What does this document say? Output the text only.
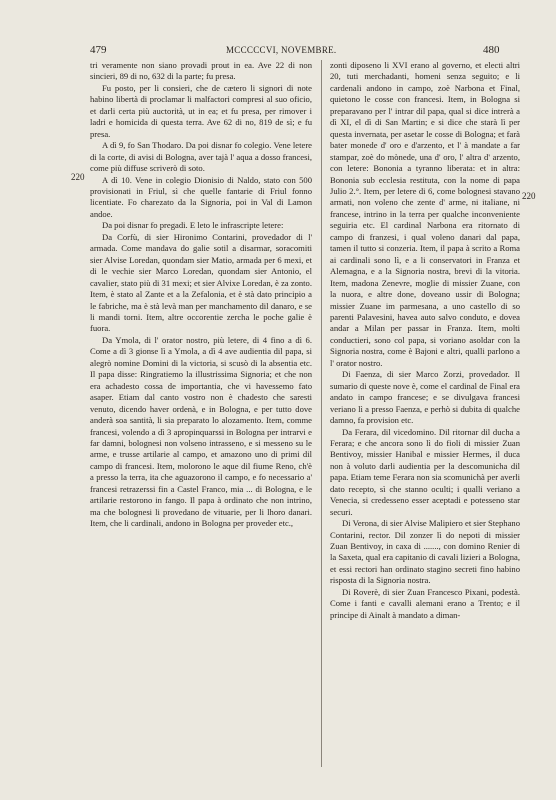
479	MCCCCCVI, NOVEMBRE.	480
220
220

tri veramente non siano provadi prout in ea. Ave 22 di non sincieri, 89 di no, 632 di la parte; fu presa.

Fu posto, per li consieri, che de cætero li signori di note habino libertà di proclamar li malfactori compresi al suo oficio, et darli certa più auctorità, ut in ea; et fu presa, per rimover i ladri e homicida di questa terra. Ave 62 di no, 819 de sì; e fu presa.

A dì 9, fo San Thodaro. Da poi disnar fo colegio. Vene letere di la corte, di avisi di Bologna, aver tajà l' aqua a dosso francesi, come più diffuse scriverò di soto.

A dì 10. Vene in colegio Dionisio di Naldo, stato con 500 provisionati in Friul, sì che quelle fantarie di Friul fonno licentiate. Fo charezato da la Signoria, poi in Val di Lamon andoe.

Da poi disnar fo pregadi. E leto le infrascripte letere:

Da Corfù, di sier Hironimo Contarini, provedador di l' armada. Come mandava do galie sotil a disarmar, soracomiti sier Alvise Loredan, quondam sier Matio, armada per 6 mexi, et di le vechie sier Marco Loredan, quondam sier Antonio, el cavalier, stato più di 31 mexi; et sier Alvixe Loredan, è za zonto. Item, è stato al Zante et a la Zefalonia, et è stà dato principio a le fabriche, ma è stà levà man per manchamento dil danaro, e se li mandi torni. Item, altre occorentie zercha le poche galie è fuora.

Da Ymola, di l' orator nostro, più letere, di 4 fino a dì 6. Come a dì 3 gionse lì a Ymola, a dì 4 ave audientia dil papa, si alegrò nomine Domini di la victoria, si scusò di la absentia etc. Il papa disse: Ringratiemo la illustrissima Signoria; et che non era achadesto cossa de importantia, che vi havessemo fato asaper. Etiam dal canto vostro non è chadesto che saresti venuto, dicendo haver ordenà, e in Bologna, e per tutto dove anderà soa santità, li sia preparato lo alozamento. Item, comme francesi, volendo a dì 3 apropinquarssi in Bologna per intrarvi e far damni, bolognesi non volseno intrasseno, e si messeno su le arme, e trusse artilarie al campo, et amazono uno di primi dil campo di francesi. Item, molorono le aque dil fiume Reno, ch'è a presso la terra, ita che aguazorono il campo, e fo necessario a' francesi retrazerssi fin a Castel Franco, mia ... di Bologna, e le artilarie restorono in fango. Il papa à ordinato che non intrino, ma che bolognesi li provedano de vituarie, per li lhoro danari. Item, che li cardinali, andono in Bologna per proveder etc.,

zonti diposeno li XVI erano al governo, et electi altri 20, tuti merchadanti, homeni senza seguito; e li cardenali andono in campo, zoè Narbona et Final, quietono le cosse con francesi. Item, in Bologna si preparavano per l' intrar dil papa, qual si dice intrerà a dì XI, el dì di San Martin; e si dice che starà lì per questa invernata, per asetar le cosse di Bologna; et farà bater monede d' oro e d'arzento, et l' à mandate a far stampar, zoè do mònede, una d' oro, l' altra d' arzento, con letere: Bononia a tyranno liberata: et in altra: Bononia sub ecclesia restituta, con la nome di papa Julio 2.°. Item, per letere di 6, come bolognesi stavano armati, non voleno che zente d' arme, ni italiane, ni francese, intrino in la terra per qualche inconveniente seguiria etc. El cardinal Narbona era ritornato di campo di franzesi, i qual voleno danari dal papa, tamen il tutto si conzeria. Item, il papa à scrito a Roma ai cardinali sono lì, e a li conservatori in Franza et Alemagna, e a la Signoria nostra, brevi di la vitoria. Item, madona Zenevre, moglie di missier Zuane, con la nuora, e altre done, doveano ussir di Bologna; missier Zuane im parmesana, a uno castello di so parenti Palavesini, havea auto salvo conduto, e dovea andar a Milan per passar in Franza. Item, molti conductieri, sono col papa, si voriano asoldar con la Signoria nostra, come è Bajoni e altri, qualli parlono a l' orator nostro.

Di Faenza, di sier Marco Zorzi, provedador. Il sumario di queste nove è, come el cardinal de Final era andato in campo francese; e se divulgava francesi veriano lì a presso Faenza, e perhò si dubita di qualche damno, fa provision etc.

Da Ferara, dil vicedomino. Dil ritornar dil ducha a Ferara; e che ancora sono lì do fioli di missier Zuan Bentivoy, missier Hanibal e missier Hermes, il duca non à voluto darli audientia per la descomunicha dil papa. Etiam teme Ferara non sia scomunichà per averli dato recepto, sì che stanno oculti; i qualli veriano a Venecia, si credesseno esser aceptadi e potesseno star securi.

Di Verona, di sier Alvise Malipiero et sier Stephano Contarini, rector. Dil zonzer lì do nepoti di missier Zuan Bentivoy, in caxa di ......., con domino Renier di la Saxeta, qual era capitanio di cavali lizieri a Bologna, et essi rectori han ordinato stagino secreti fino habino risposta di la Signoria nostra.

Di Roverè, di sier Zuan Francesco Pixani, podestà. Come i fanti e cavalli alemani erano a Trento; e il principe di Ainalt à mandato a diman-
